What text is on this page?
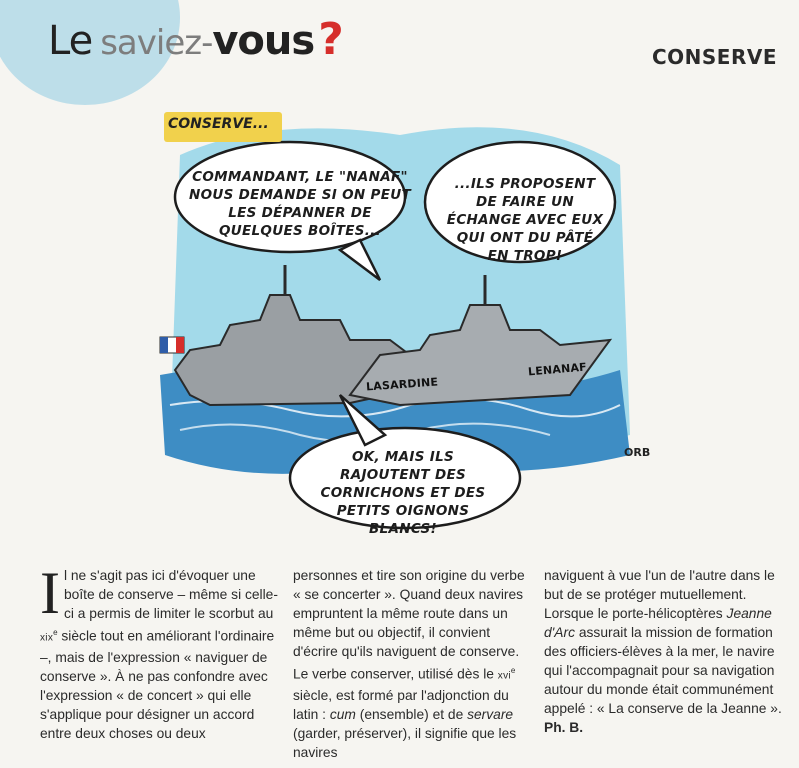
Le saviez- vous ?	CONSERVE
CONSERVE...
COMMANDANT, LE "NANAF" NOUS DEMANDE SI ON PEUT LES DÉPANNER DE QUELQUES BOÎTES...
...ILS PROPOSENT DE FAIRE UN ÉCHANGE AVEC EUX QUI ONT DU PÂTÉ EN TROP!
OK, MAIS ILS RAJOUTENT DES CORNICHONS ET DES PETITS OIGNONS BLANCS!
LASARDINE
LENANAF
ORB

Il ne s'agit pas ici d'évoquer une boîte de conserve – même si celle-ci a permis de limiter le scorbut au xix$^e$ siècle tout en améliorant l'ordinaire –, mais de l'expression « naviguer de conserve ». À ne pas confondre avec l'expression « de concert » qui elle s'applique pour désigner un accord entre deux choses ou deux

personnes et tire son origine du verbe « se concerter ». Quand deux navires empruntent la même route dans un même but ou objectif, il convient d'écrire qu'ils naviguent de conserve. Le verbe conserver, utilisé dès le xvi$^e$ siècle, est formé par l'adjonction du latin : cum (ensemble) et de servare (garder, préserver), il signifie que les navires

naviguent à vue l'un de l'autre dans le but de se protéger mutuellement. Lorsque le porte-hélicoptères Jeanne d'Arc assurait la mission de formation des officiers-élèves à la mer, le navire qui l'accompagnait pour sa navigation autour du monde était communément appelé : « La conserve de la Jeanne ».

Ph. B.
